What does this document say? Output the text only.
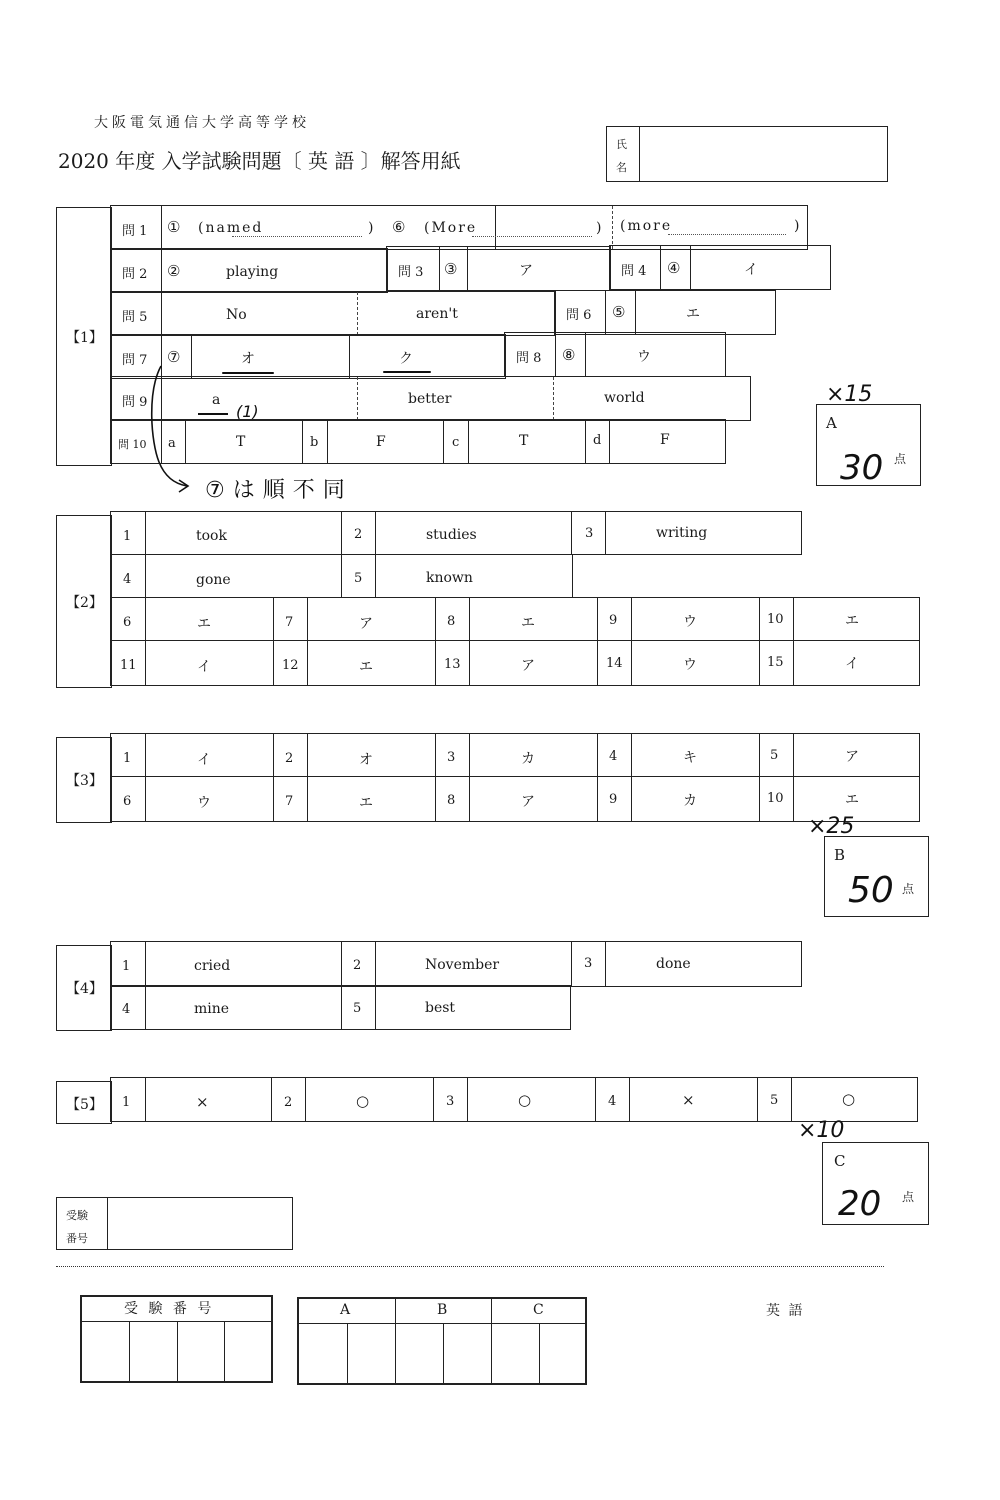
大阪電気通信大学高等学校
2020 年度 入学試験問題〔 英 語 〕解答用紙
氏
名
【1】
問 1 ① (named	) ⑥ (More	) (more	)
問 2 ②	playing	問 3 ③	ア	問 4 ④	イ
問 5	No	aren't	問 6 ⑤	エ
問 7 ⑦	オ	ク	問 8 ⑧	ウ
問 9	a	better	world
(1)
問 10 a	T	b	F	c	T	d	F
⑦は順不同
×15
A
30 点
【2】
1	took	2	studies	3	writing
4	gone	5	known
6	エ	7	ア	8	エ	9	ウ	10	エ
11	イ	12	エ	13	ア	14	ウ	15	イ
【3】
1	イ	2	オ	3	カ	4	キ	5	ア
6	ウ	7	エ	8	ア	9	カ	10	エ
×25
B
50 点
【4】
1	cried	2	November	3	done
4	mine	5	best
【5】 1	×	2	○	3	○	4	×	5	○
×10
C
20 点
受験
番号
受 験 番 号	A	B	C	英 語
